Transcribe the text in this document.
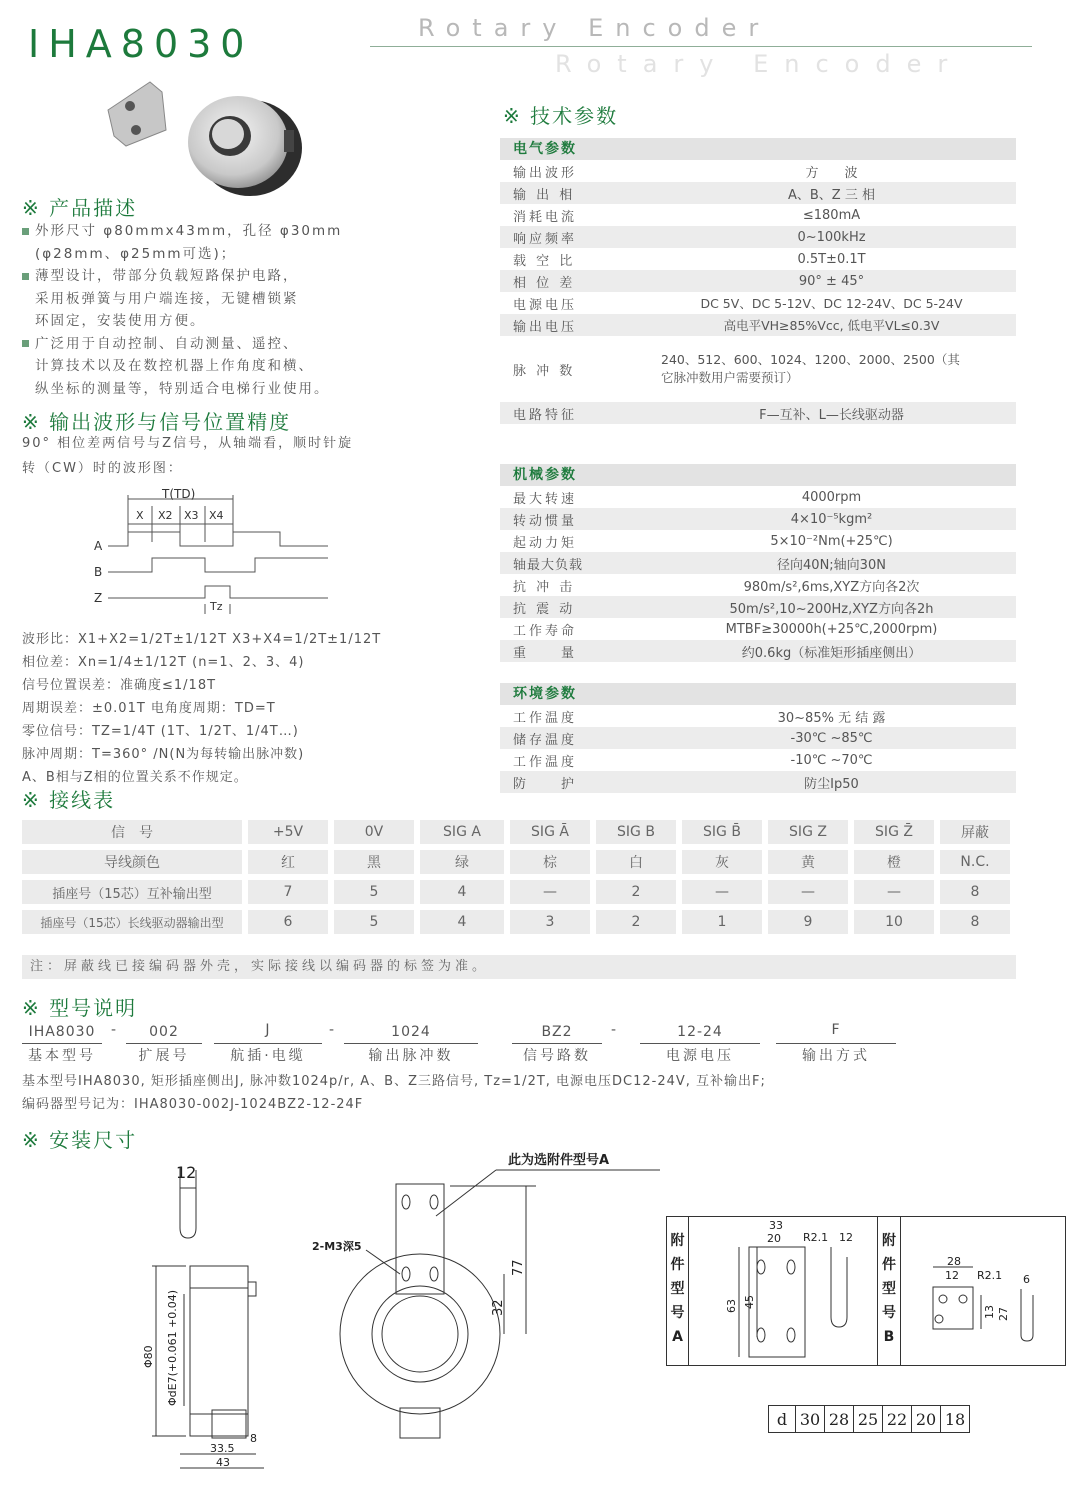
IHA8030	Rotary Encoder
Rotary Encoder
※ 产品描述
外形尺寸 φ80mmx43mm，孔径 φ30mm
(φ28mm、φ25mm可选)；
薄型设计，带部分负载短路保护电路，
采用板弹簧与用户端连接，无键槽锁紧
环固定，安装使用方便。
广泛用于自动控制、自动测量、遥控、
计算技术以及在数控机器上作角度和横、
纵坐标的测量等，特别适合电梯行业使用。
※ 输出波形与信号位置精度
90° 相位差两信号与Z信号，从轴端看，顺时针旋
转（CW）时的波形图：
T(TD)
X X2 X3 X4
A
B
Z
Tz
波形比：X1+X2=1/2T±1/12T X3+X4=1/2T±1/12T
相位差：Xn=1/4±1/12T (n=1、2、3、4)
信号位置误差：准确度≤1/18T
周期误差：±0.01T 电角度周期：TD=T
零位信号：TZ=1/4T (1T、1/2T、1/4T…)
脉冲周期：T=360° /N(N为每转输出脉冲数)
A、B相与Z相的位置关系不作规定。
※ 技术参数
电气参数
输出波形	方　　波
输 出 相	A、B、Z 三 相
消耗电流	≤180mA
响应频率	0~100kHz
载 空 比	0.5T±0.1T
相 位 差	90° ± 45°
电源电压	DC 5V、DC 5-12V、DC 12-24V、DC 5-24V
输出电压	高电平VH≥85%Vcc, 低电平VL≤0.3V
脉 冲 数	240、512、600、1024、1200、2000、2500（其它脉冲数用户需要预订）
电路特征	F—互补、L—长线驱动器
机械参数
最大转速	4000rpm
转动惯量	4×10⁻⁵kgm²
起动力矩	5×10⁻²Nm(+25℃)
轴最大负载	径向40N;轴向30N
抗 冲 击	980m/s²,6ms,XYZ方向各2次
抗 震 动	50m/s²,10~200Hz,XYZ方向各2h
工作寿命	MTBF≥30000h(+25℃,2000rpm)
重　　量	约0.6kg（标准矩形插座侧出）
环境参数
工作温度	30~85% 无 结 露
储存温度	-30℃ ~85℃
工作温度	-10℃ ~70℃
防　　护	防尘Ip50
※ 接线表
信　号	+5V	0V	SIG A	SIG Ā	SIG B	SIG B̄	SIG Z	SIG Z̄	屏蔽
导线颜色	红	黑	绿	棕	白	灰	黄	橙	N.C.
插座号（15芯）互补输出型	7	5	4	—	2	—	—	—	8
插座号（15芯）长线驱动器输出型	6	5	4	3	2	1	9	10	8
注：屏蔽线已接编码器外壳，实际接线以编码器的标签为准。
※ 型号说明
IHA8030
基本型号
-	002
扩展号
J
航插·电缆
-	1024
输出脉冲数
BZ2
信号路数
-	12-24
电源电压
F
输出方式
基本型号IHA8030, 矩形插座侧出J, 脉冲数1024p/r, A、B、Z三路信号, Tz=1/2T, 电源电压DC12-24V, 互补输出F;
编码器型号记为：IHA8030-002J-1024BZ2-12-24F
※ 安装尺寸
12
Φ80 ΦdE7(+0.061 +0.04)
33.5
43
8
此为选附件型号A
2-M3深5
77
32
附
件
型
号
A
33
20 R2.1 12
63 45
附
件
型
号
B
28
12 R2.1 6
13 27
d	30	28	25	22	20	18
